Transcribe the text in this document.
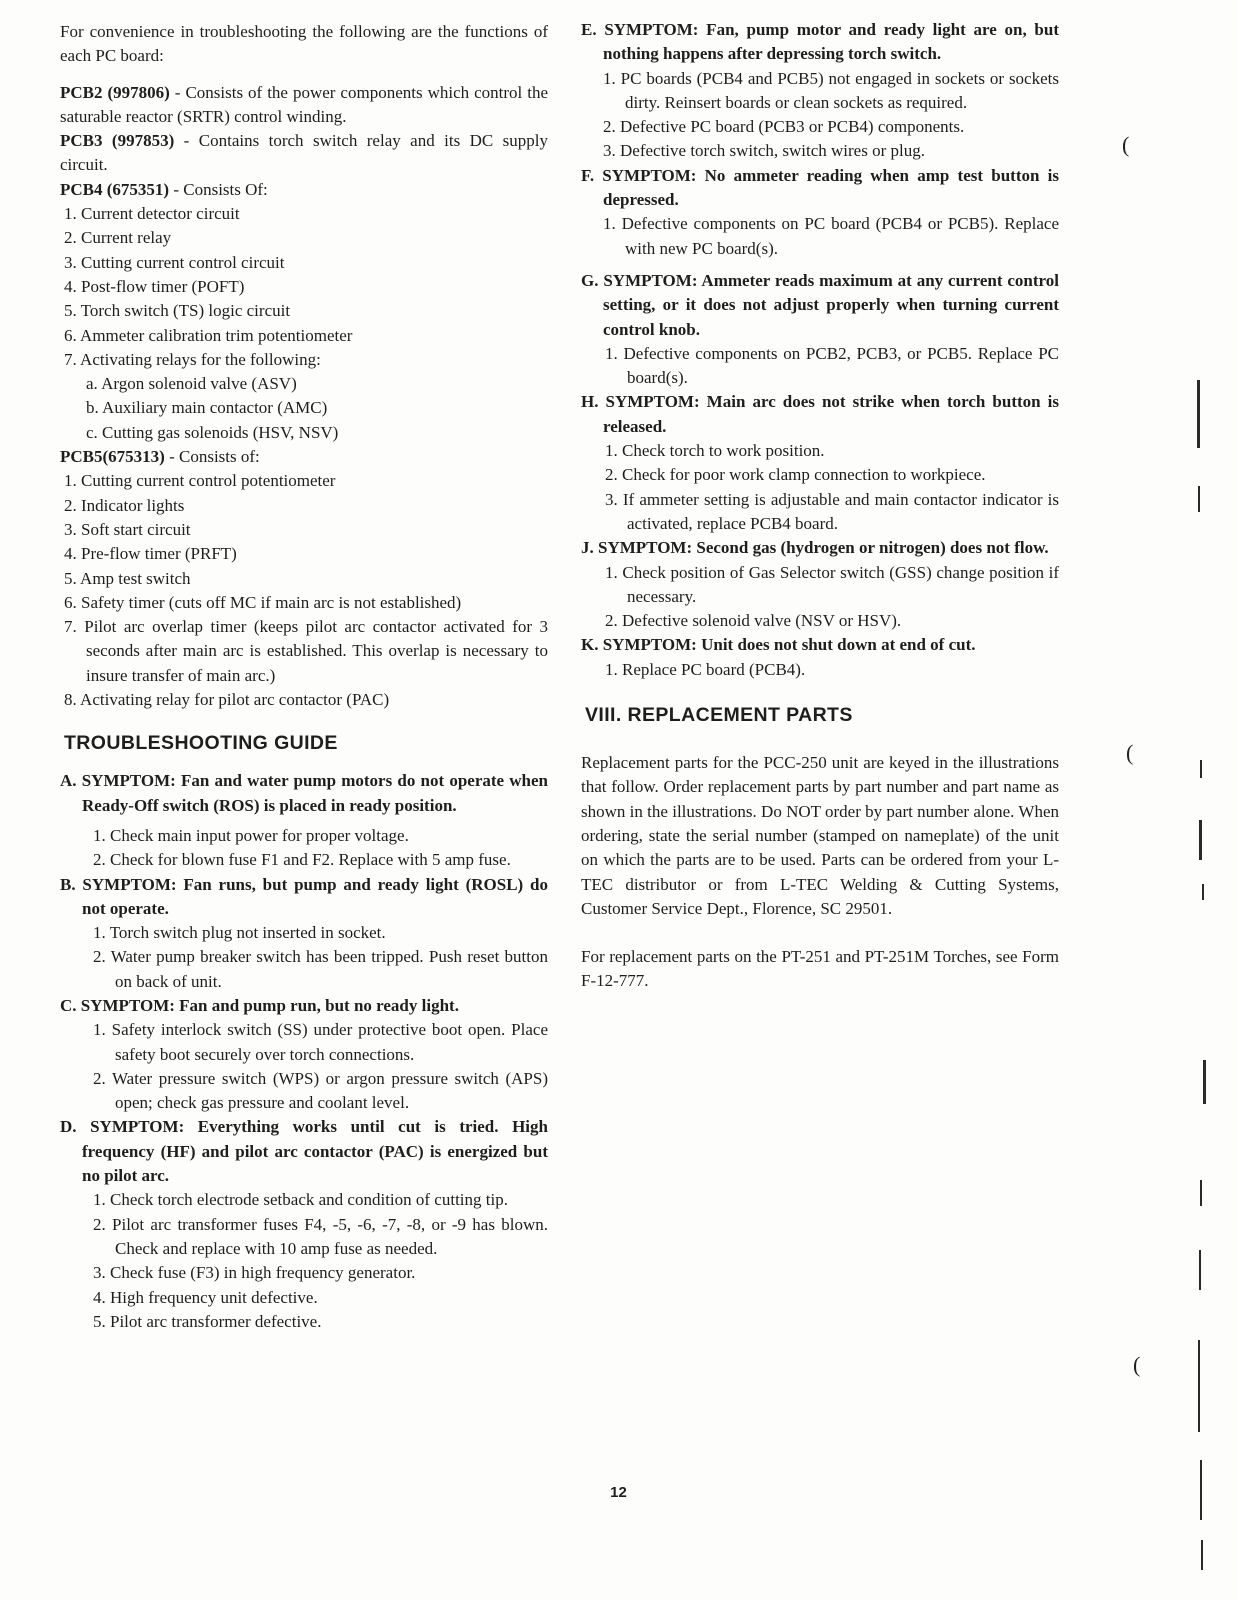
For convenience in troubleshooting the following are the functions of each PC board:

PCB2 (997806) - Consists of the power components which control the saturable reactor (SRTR) control winding.

PCB3 (997853) - Contains torch switch relay and its DC supply circuit.

PCB4 (675351) - Consists Of:

1. Current detector circuit
2. Current relay
3. Cutting current control circuit
4. Post-flow timer (POFT)
5. Torch switch (TS) logic circuit
6. Ammeter calibration trim potentiometer
7. Activating relays for the following:
a. Argon solenoid valve (ASV)
b. Auxiliary main contactor (AMC)
c. Cutting gas solenoids (HSV, NSV)

PCB5(675313) - Consists of:

1. Cutting current control potentiometer
2. Indicator lights
3. Soft start circuit
4. Pre-flow timer (PRFT)
5. Amp test switch
6. Safety timer (cuts off MC if main arc is not established)
7. Pilot arc overlap timer (keeps pilot arc contactor activated for 3 seconds after main arc is established. This overlap is necessary to insure transfer of main arc.)
8. Activating relay for pilot arc contactor (PAC)
TROUBLESHOOTING GUIDE
A. SYMPTOM: Fan and water pump motors do not operate when Ready-Off switch (ROS) is placed in ready position.
1. Check main input power for proper voltage.
2. Check for blown fuse F1 and F2. Replace with 5 amp fuse.
B. SYMPTOM: Fan runs, but pump and ready light (ROSL) do not operate.
1. Torch switch plug not inserted in socket.
2. Water pump breaker switch has been tripped. Push reset button on back of unit.
C. SYMPTOM: Fan and pump run, but no ready light.
1. Safety interlock switch (SS) under protective boot open. Place safety boot securely over torch connections.
2. Water pressure switch (WPS) or argon pressure switch (APS) open; check gas pressure and coolant level.
D. SYMPTOM: Everything works until cut is tried. High frequency (HF) and pilot arc contactor (PAC) is energized but no pilot arc.
1. Check torch electrode setback and condition of cutting tip.
2. Pilot arc transformer fuses F4, -5, -6, -7, -8, or -9 has blown. Check and replace with 10 amp fuse as needed.
3. Check fuse (F3) in high frequency generator.
4. High frequency unit defective.
5. Pilot arc transformer defective.
E. SYMPTOM: Fan, pump motor and ready light are on, but nothing happens after depressing torch switch.
1. PC boards (PCB4 and PCB5) not engaged in sockets or sockets dirty. Reinsert boards or clean sockets as required.
2. Defective PC board (PCB3 or PCB4) components.
3. Defective torch switch, switch wires or plug.
F. SYMPTOM: No ammeter reading when amp test button is depressed.
1. Defective components on PC board (PCB4 or PCB5). Replace with new PC board(s).
G. SYMPTOM: Ammeter reads maximum at any current control setting, or it does not adjust properly when turning current control knob.
1. Defective components on PCB2, PCB3, or PCB5. Replace PC board(s).
H. SYMPTOM: Main arc does not strike when torch button is released.
1. Check torch to work position.
2. Check for poor work clamp connection to workpiece.
3. If ammeter setting is adjustable and main contactor indicator is activated, replace PCB4 board.
J. SYMPTOM: Second gas (hydrogen or nitrogen) does not flow.
1. Check position of Gas Selector switch (GSS) change position if necessary.
2. Defective solenoid valve (NSV or HSV).
K. SYMPTOM: Unit does not shut down at end of cut.
1. Replace PC board (PCB4).
VIII. REPLACEMENT PARTS

Replacement parts for the PCC-250 unit are keyed in the illustrations that follow. Order replacement parts by part number and part name as shown in the illustrations. Do NOT order by part number alone. When ordering, state the serial number (stamped on nameplate) of the unit on which the parts are to be used. Parts can be ordered from your L-TEC distributor or from L-TEC Welding & Cutting Systems, Customer Service Dept., Florence, SC 29501.

For replacement parts on the PT-251 and PT-251M Torches, see Form F-12-777.

12
(
(
(
